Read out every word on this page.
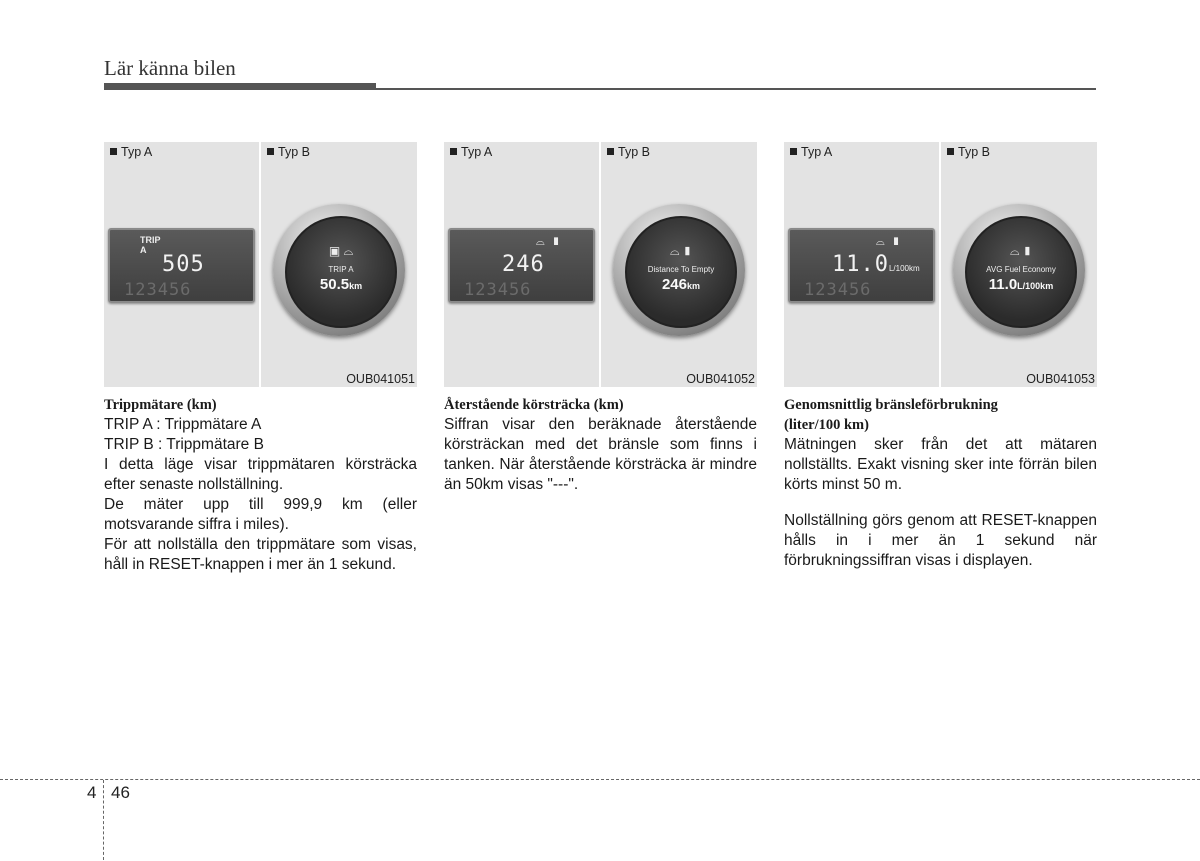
Lär känna bilen
Typ A
TRIP
A
505
123456
Typ B
▣ ⌓
TRIP A
50.5km
OUB041051
Typ A
⌓ ▮
246
123456
Typ B
⌓ ▮
Distance To Empty
246km
OUB041052
Typ A
⌓ ▮
11.0L/100km
123456
Typ B
⌓ ▮
AVG Fuel Economy
11.0L/100km
OUB041053

Trippmätare (km)

TRIP A : Trippmätare A

TRIP B : Trippmätare B

I detta läge visar trippmätaren körsträcka efter senaste nollställning.

De mäter upp till 999,9 km (eller motsvarande siffra i miles).

För att nollställa den trippmätare som visas, håll in RESET-knappen i mer än 1 sekund.

Återstående körsträcka (km)

Siffran visar den beräknade återstående körsträckan med det bränsle som finns i tanken. När återstående körsträcka är mindre än 50km visas "---".

Genomsnittlig bränsleförbrukning

(liter/100 km)

Mätningen sker från det att mätaren nollställts. Exakt visning sker inte förrän bilen körts minst 50 m.

Nollställning görs genom att RESET-knappen hålls in i mer än 1 sekund när förbrukningssiffran visas i displayen.

4 46
